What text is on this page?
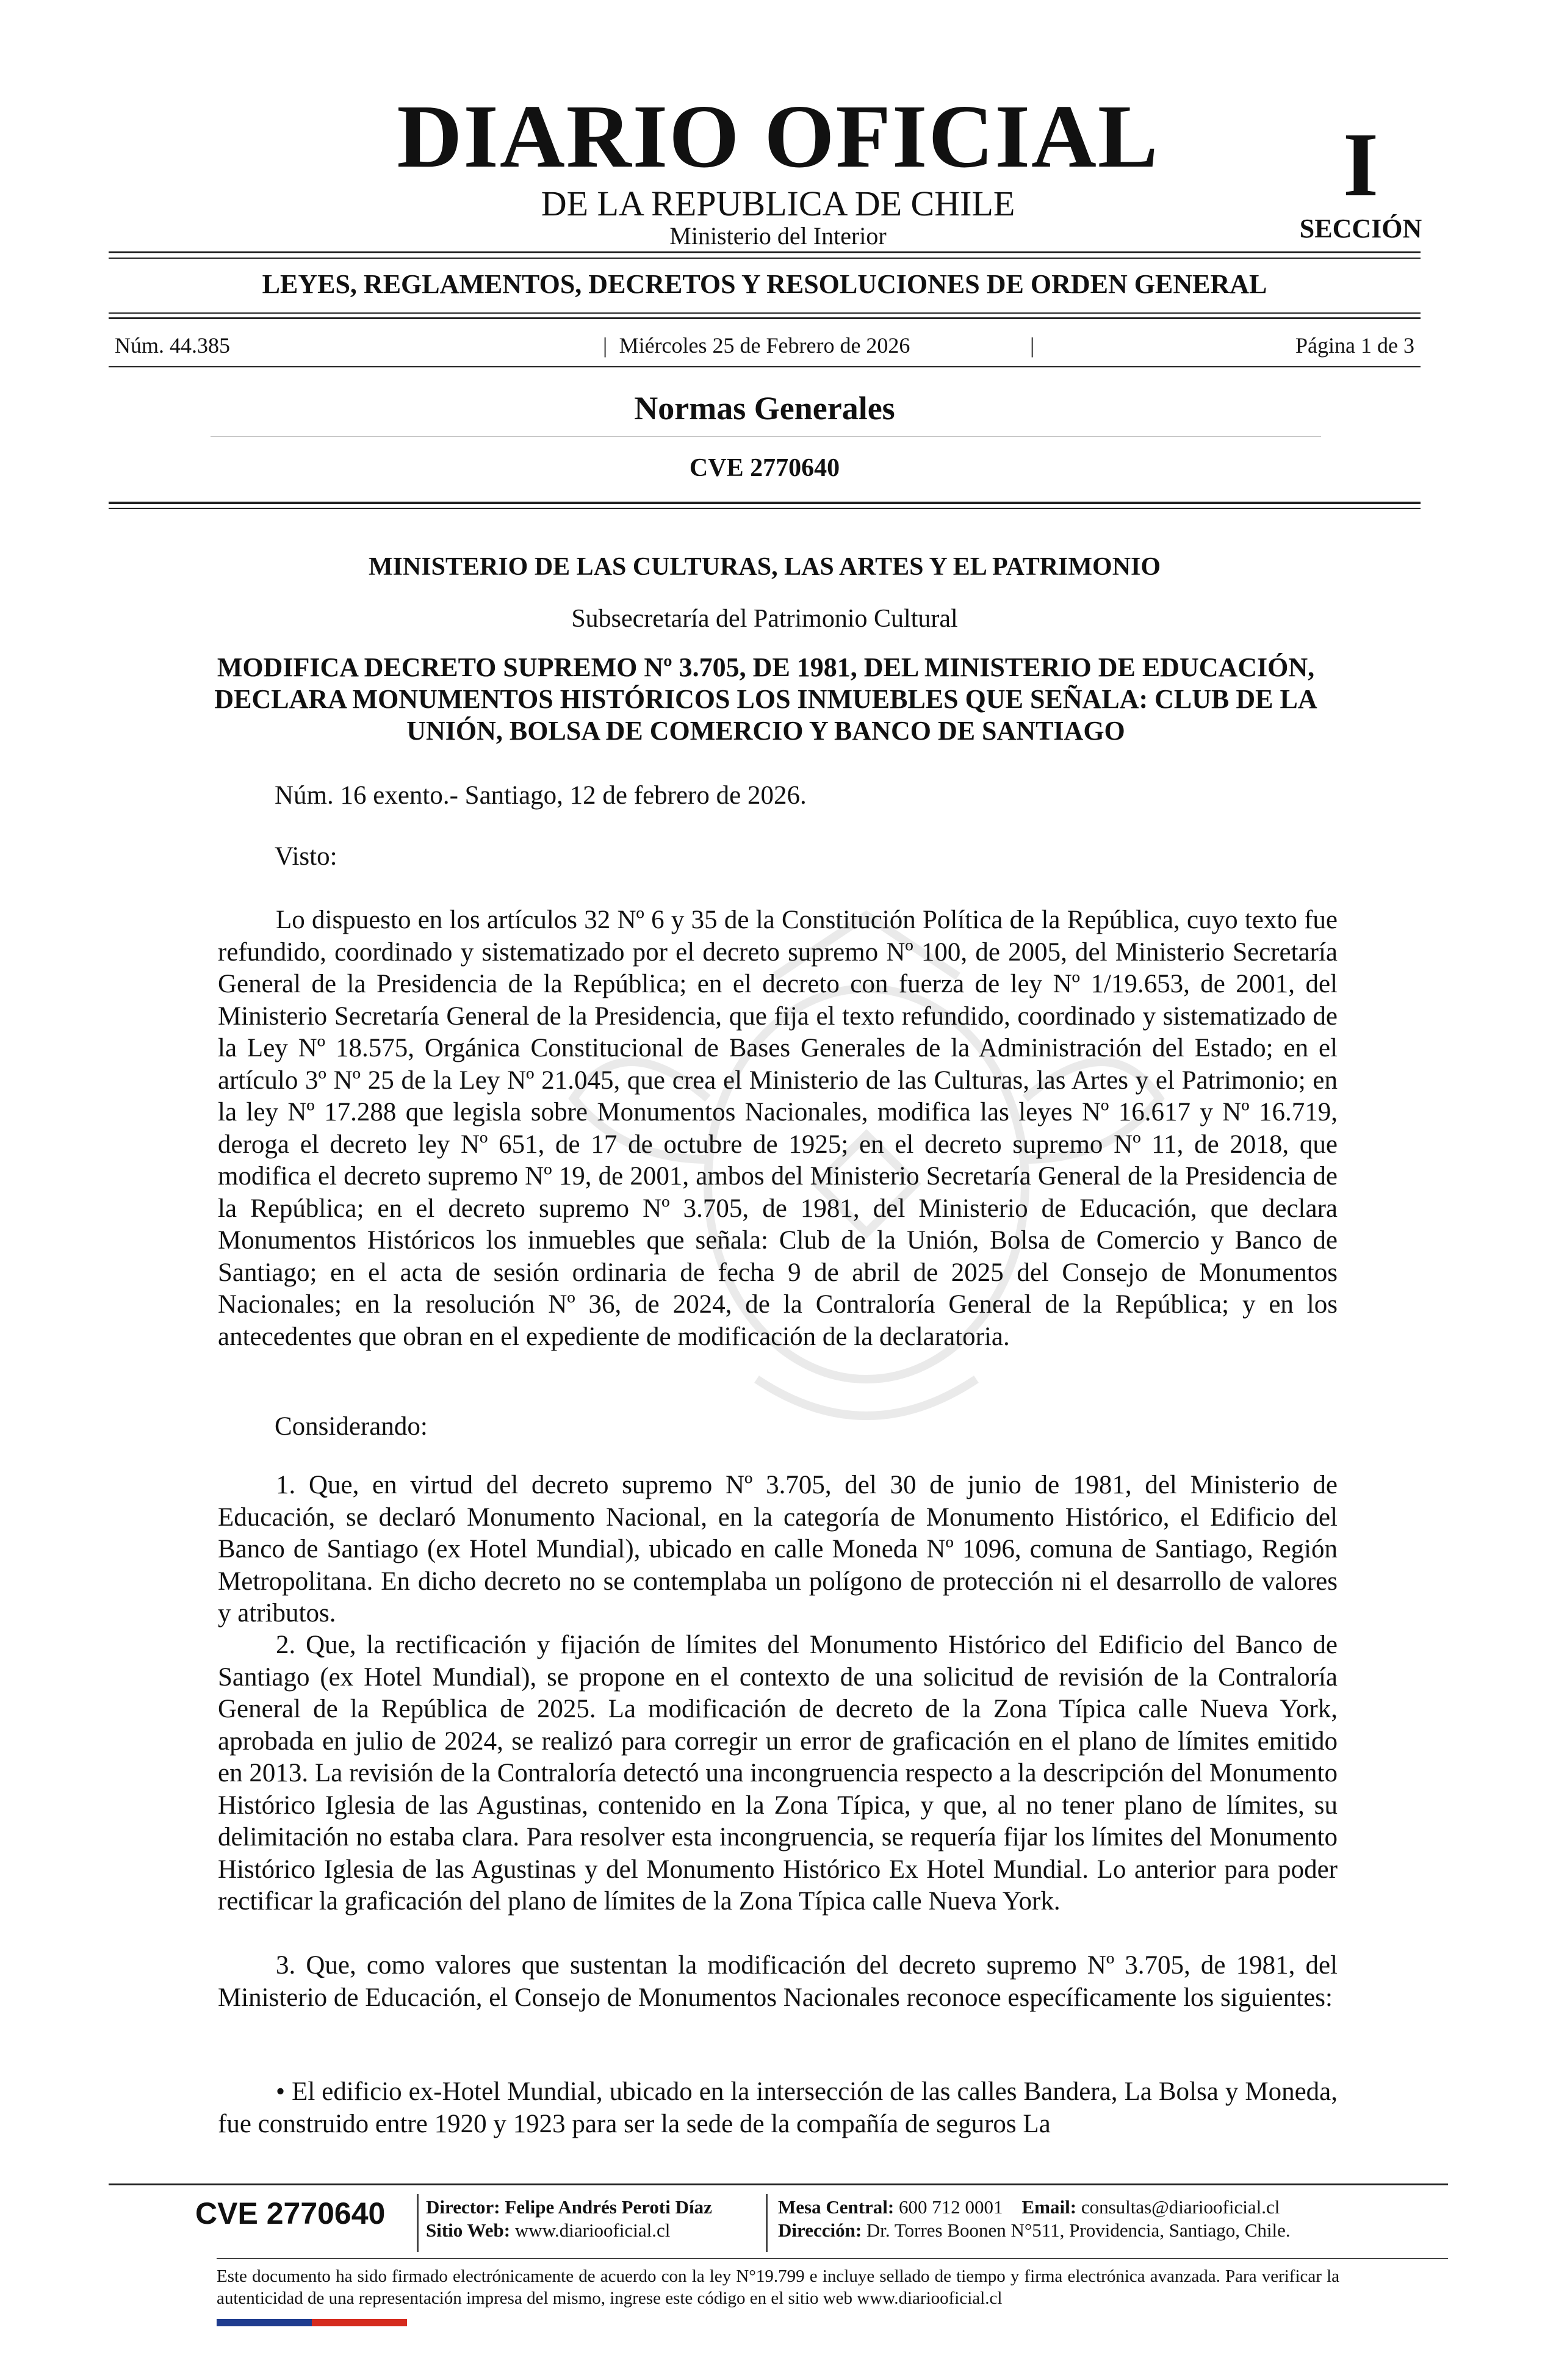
DIARIO OFICIAL
DE LA REPUBLICA DE CHILE
Ministerio del Interior
I
SECCIÓN
LEYES, REGLAMENTOS, DECRETOS Y RESOLUCIONES DE ORDEN GENERAL
Núm. 44.385	| Miércoles 25 de Febrero de 2026	|	Página 1 de 3
Normas Generales
CVE 2770640
MINISTERIO DE LAS CULTURAS, LAS ARTES Y EL PATRIMONIO
Subsecretaría del Patrimonio Cultural
MODIFICA DECRETO SUPREMO Nº 3.705, DE 1981, DEL MINISTERIO DE EDUCACIÓN, DECLARA MONUMENTOS HISTÓRICOS LOS INMUEBLES QUE SEÑALA: CLUB DE LA UNIÓN, BOLSA DE COMERCIO Y BANCO DE SANTIAGO
Núm. 16 exento.- Santiago, 12 de febrero de 2026.
Visto:
Lo dispuesto en los artículos 32 Nº 6 y 35 de la Constitución Política de la República, cuyo texto fue refundido, coordinado y sistematizado por el decreto supremo Nº 100, de 2005, del Ministerio Secretaría General de la Presidencia de la República; en el decreto con fuerza de ley Nº 1/19.653, de 2001, del Ministerio Secretaría General de la Presidencia, que fija el texto refundido, coordinado y sistematizado de la Ley Nº 18.575, Orgánica Constitucional de Bases Generales de la Administración del Estado; en el artículo 3º Nº 25 de la Ley Nº 21.045, que crea el Ministerio de las Culturas, las Artes y el Patrimonio; en la ley Nº 17.288 que legisla sobre Monumentos Nacionales, modifica las leyes Nº 16.617 y Nº 16.719, deroga el decreto ley Nº 651, de 17 de octubre de 1925; en el decreto supremo Nº 11, de 2018, que modifica el decreto supremo Nº 19, de 2001, ambos del Ministerio Secretaría General de la Presidencia de la República; en el decreto supremo Nº 3.705, de 1981, del Ministerio de Educación, que declara Monumentos Históricos los inmuebles que señala: Club de la Unión, Bolsa de Comercio y Banco de Santiago; en el acta de sesión ordinaria de fecha 9 de abril de 2025 del Consejo de Monumentos Nacionales; en la resolución Nº 36, de 2024, de la Contraloría General de la República; y en los antecedentes que obran en el expediente de modificación de la declaratoria.
Considerando:
1. Que, en virtud del decreto supremo Nº 3.705, del 30 de junio de 1981, del Ministerio de Educación, se declaró Monumento Nacional, en la categoría de Monumento Histórico, el Edificio del Banco de Santiago (ex Hotel Mundial), ubicado en calle Moneda Nº 1096, comuna de Santiago, Región Metropolitana. En dicho decreto no se contemplaba un polígono de protección ni el desarrollo de valores y atributos.
2. Que, la rectificación y fijación de límites del Monumento Histórico del Edificio del Banco de Santiago (ex Hotel Mundial), se propone en el contexto de una solicitud de revisión de la Contraloría General de la República de 2025. La modificación de decreto de la Zona Típica calle Nueva York, aprobada en julio de 2024, se realizó para corregir un error de graficación en el plano de límites emitido en 2013. La revisión de la Contraloría detectó una incongruencia respecto a la descripción del Monumento Histórico Iglesia de las Agustinas, contenido en la Zona Típica, y que, al no tener plano de límites, su delimitación no estaba clara. Para resolver esta incongruencia, se requería fijar los límites del Monumento Histórico Iglesia de las Agustinas y del Monumento Histórico Ex Hotel Mundial. Lo anterior para poder rectificar la graficación del plano de límites de la Zona Típica calle Nueva York.
3. Que, como valores que sustentan la modificación del decreto supremo Nº 3.705, de 1981, del Ministerio de Educación, el Consejo de Monumentos Nacionales reconoce específicamente los siguientes:
• El edificio ex-Hotel Mundial, ubicado en la intersección de las calles Bandera, La Bolsa y Moneda, fue construido entre 1920 y 1923 para ser la sede de la compañía de seguros La
CVE 2770640 Director: Felipe Andrés Peroti Díaz
Sitio Web: www.diariooficial.cl
Mesa Central: 600 712 0001 Email: consultas@diariooficial.cl
Dirección: Dr. Torres Boonen N°511, Providencia, Santiago, Chile.
Este documento ha sido firmado electrónicamente de acuerdo con la ley N°19.799 e incluye sellado de tiempo y firma electrónica avanzada. Para verificar la autenticidad de una representación impresa del mismo, ingrese este código en el sitio web www.diariooficial.cl
